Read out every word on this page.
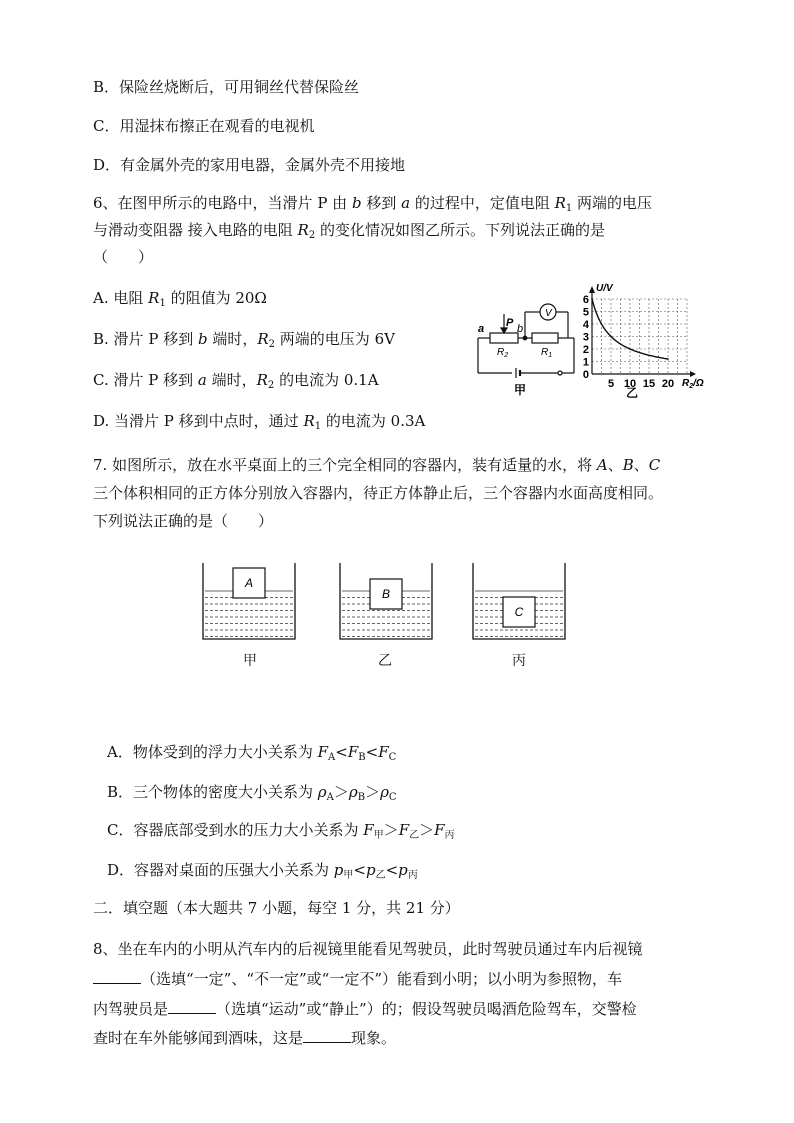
B．保险丝烧断后，可用铜丝代替保险丝
C．用湿抹布擦正在观看的电视机
D．有金属外壳的家用电器，金属外壳不用接地
6、在图甲所示的电路中，当滑片 P 由 b 移到 a 的过程中，定值电阻 $R_1$ 两端的电压
与滑动变阻器 接入电路的电阻 $R_2$ 的变化情况如图乙所示。下列说法正确的是
（　　）
A. 电阻 $R_1$ 的阻值为 20Ω
B. 滑片 P 移到 b 端时，$R_2$ 两端的电压为 6V
C. 滑片 P 移到 a 端时，$R_2$ 的电流为 0.1A
D. 当滑片 P 移到中点时，通过 $R_1$ 的电流为 0.3A
a P b
V
$R_2$	$R_1$
甲
0
1
2
3
4
5
6
5 10 15 20
U/V
$R_2/\Omega$
乙
7. 如图所示，放在水平桌面上的三个完全相同的容器内，装有适量的水，将 A、B、C
三个体积相同的正方体分别放入容器内，待正方体静止后，三个容器内水面高度相同。
下列说法正确的是（　　）
A
B
C
甲	乙	丙
A．物体受到的浮力大小关系为 $F_A<F_B<F_C$
B．三个物体的密度大小关系为 $\rho_A>\rho_B>\rho_C$
C．容器底部受到水的压力大小关系为 $F_甲>F_乙>F_丙$
D．容器对桌面的压强大小关系为 $p_甲<p_乙<p_丙$
二．填空题（本大题共 7 小题，每空 1 分，共 21 分）
8、坐在车内的小明从汽车内的后视镜里能看见驾驶员，此时驾驶员通过车内后视镜
（选填“一定”、“不一定”或“一定不”）能看到小明；以小明为参照物，车
内驾驶员是	（选填“运动”或“静止”）的；假设驾驶员喝酒危险驾车，交警检
查时在车外能够闻到酒味，这是	现象。
